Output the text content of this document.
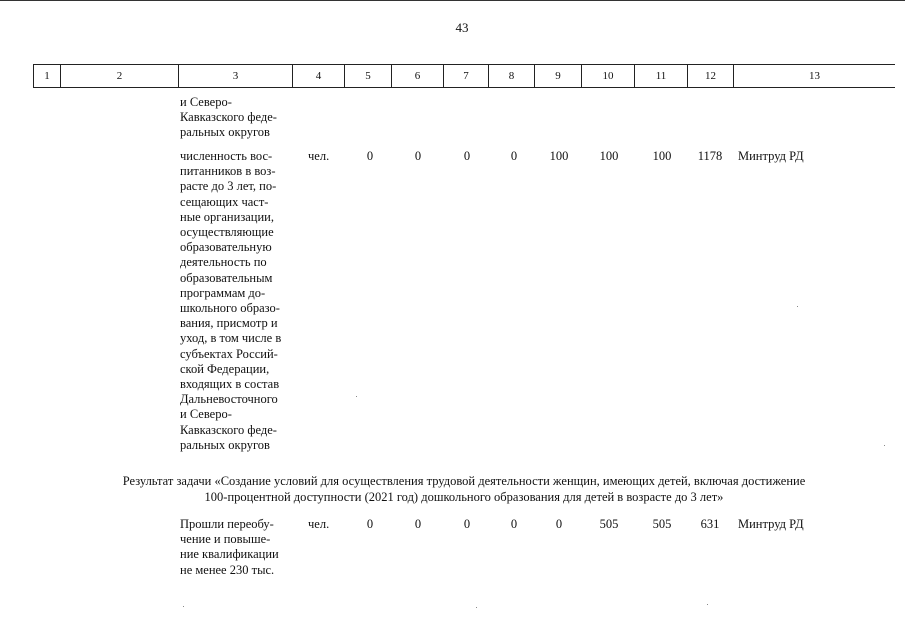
43
1	2	3	4	5	6	7	8	9	10	11	12	13
и Северо-
Кавказского феде-
ральных округов
численность вос-
питанников в воз-
расте до 3 лет, по-
сещающих част-
ные организации,
осуществляющие
образовательную
деятельность по
образовательным
программам до-
школьного образо-
вания, присмотр и
уход, в том числе в
субъектах Россий-
ской Федерации,
входящих в состав
Дальневосточного
и Северо-
Кавказского феде-
ральных округов
чел.	0	0	0	0	100	100	100	1178	Минтруд РД
Результат задачи «Создание условий для осуществления трудовой деятельности женщин, имеющих детей, включая достижение
100-процентной доступности (2021 год) дошкольного образования для детей в возрасте до 3 лет»
Прошли переобу-
чение и повыше-
ние квалификации
не менее 230 тыс.
чел.	0	0	0	0	0	505	505	631	Минтруд РД
